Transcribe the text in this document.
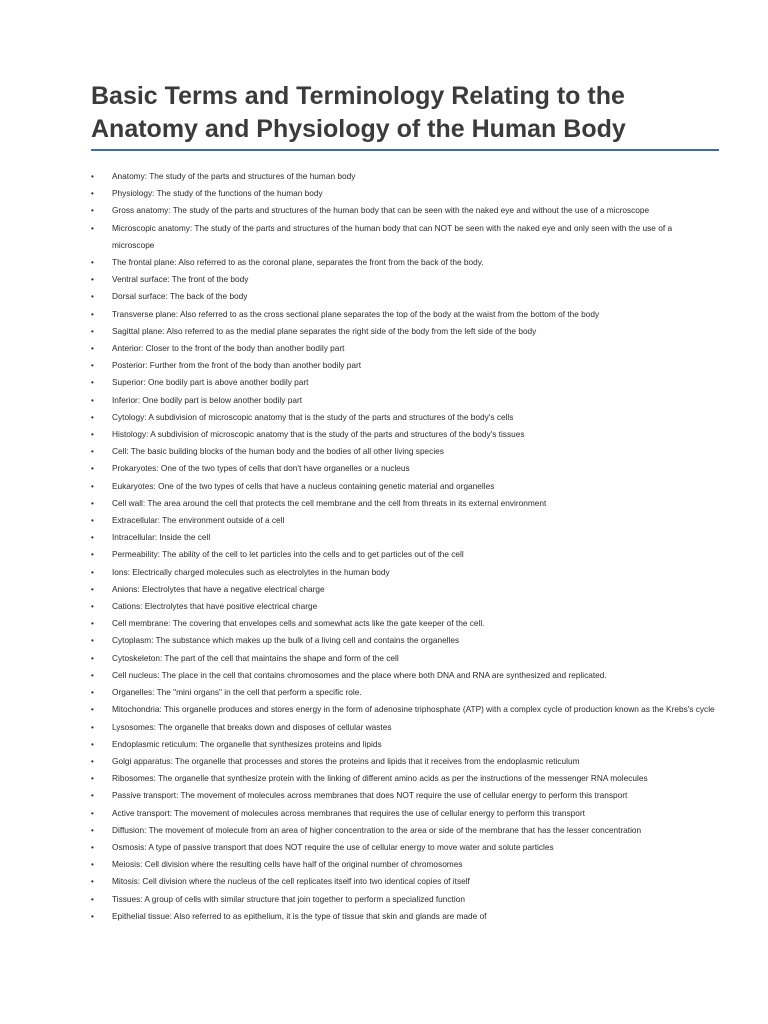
Basic Terms and Terminology Relating to the Anatomy and Physiology of the Human Body
• Anatomy: The study of the parts and structures of the human body
• Physiology: The study of the functions of the human body
• Gross anatomy: The study of the parts and structures of the human body that can be seen with the naked eye and without the use of a microscope
• Microscopic anatomy: The study of the parts and structures of the human body that can NOT be seen with the naked eye and only seen with the use of a microscope
• The frontal plane: Also referred to as the coronal plane, separates the front from the back of the body.
• Ventral surface: The front of the body
• Dorsal surface: The back of the body
• Transverse plane: Also referred to as the cross sectional plane separates the top of the body at the waist from the bottom of the body
• Sagittal plane: Also referred to as the medial plane separates the right side of the body from the left side of the body
• Anterior: Closer to the front of the body than another bodily part
• Posterior: Further from the front of the body than another bodily part
• Superior: One bodily part is above another bodily part
• Inferior: One bodily part is below another bodily part
• Cytology: A subdivision of microscopic anatomy that is the study of the parts and structures of the body's cells
• Histology: A subdivision of microscopic anatomy that is the study of the parts and structures of the body's tissues
• Cell: The basic building blocks of the human body and the bodies of all other living species
• Prokaryotes: One of the two types of cells that don't have organelles or a nucleus
• Eukaryotes: One of the two types of cells that have a nucleus containing genetic material and organelles
• Cell wall: The area around the cell that protects the cell membrane and the cell from threats in its external environment
• Extracellular: The environment outside of a cell
• Intracellular: Inside the cell
• Permeability: The ability of the cell to let particles into the cells and to get particles out of the cell
• Ions: Electrically charged molecules such as electrolytes in the human body
• Anions: Electrolytes that have a negative electrical charge
• Cations: Electrolytes that have positive electrical charge
• Cell membrane: The covering that envelopes cells and somewhat acts like the gate keeper of the cell.
• Cytoplasm: The substance which makes up the bulk of a living cell and contains the organelles
• Cytoskeleton: The part of the cell that maintains the shape and form of the cell
• Cell nucleus: The place in the cell that contains chromosomes and the place where both DNA and RNA are synthesized and replicated.
• Organelles: The "mini organs" in the cell that perform a specific role.
• Mitochondria: This organelle produces and stores energy in the form of adenosine triphosphate (ATP) with a complex cycle of production known as the Krebs's cycle
• Lysosomes: The organelle that breaks down and disposes of cellular wastes
• Endoplasmic reticulum: The organelle that synthesizes proteins and lipids
• Golgi apparatus: The organelle that processes and stores the proteins and lipids that it receives from the endoplasmic reticulum
• Ribosomes: The organelle that synthesize protein with the linking of different amino acids as per the instructions of the messenger RNA molecules
• Passive transport: The movement of molecules across membranes that does NOT require the use of cellular energy to perform this transport
• Active transport: The movement of molecules across membranes that requires the use of cellular energy to perform this transport
• Diffusion: The movement of molecule from an area of higher concentration to the area or side of the membrane that has the lesser concentration
• Osmosis: A type of passive transport that does NOT require the use of cellular energy to move water and solute particles
• Meiosis: Cell division where the resulting cells have half of the original number of chromosomes
• Mitosis: Cell division where the nucleus of the cell replicates itself into two identical copies of itself
• Tissues: A group of cells with similar structure that join together to perform a specialized function
• Epithelial tissue: Also referred to as epithelium, it is the type of tissue that skin and glands are made of
